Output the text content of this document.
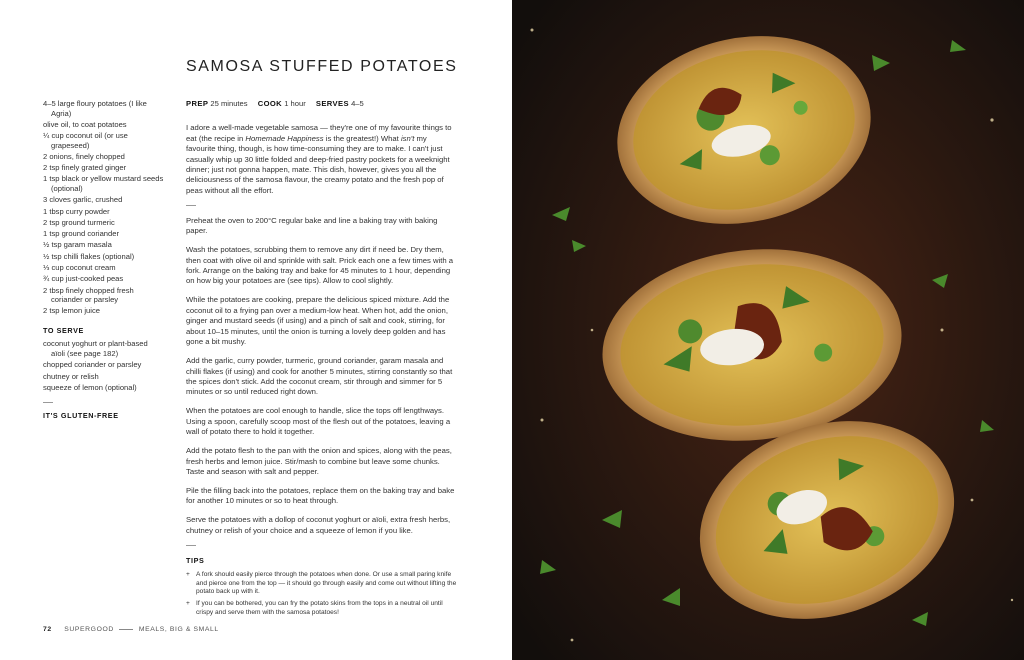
SAMOSA STUFFED POTATOES
4–5 large floury potatoes (I like
Agria)
olive oil, to coat potatoes
¼ cup coconut oil (or use
grapeseed)
2 onions, finely chopped
2 tsp finely grated ginger
1 tsp black or yellow mustard seeds
(optional)
3 cloves garlic, crushed
1 tbsp curry powder
2 tsp ground turmeric
1 tsp ground coriander
½ tsp garam masala
½ tsp chilli flakes (optional)
⅓ cup coconut cream
¾ cup just-cooked peas
2 tbsp finely chopped fresh
coriander or parsley
2 tsp lemon juice
TO SERVE
coconut yoghurt or plant-based
aïoli (see page 182)
chopped coriander or parsley
chutney or relish
squeeze of lemon (optional)
IT'S GLUTEN-FREE
PREP 25 minutes COOK 1 hour SERVES 4–5

I adore a well-made vegetable samosa — they're one of my favourite things to eat (the recipe in Homemade Happiness is the greatest!) What isn't my favourite thing, though, is how time-consuming they are to make. I can't just casually whip up 30 little folded and deep-fried pastry pockets for a weeknight dinner; just not gonna happen, mate. This dish, however, gives you all the deliciousness of the samosa flavour, the creamy potato and the fresh pop of peas without all the effort.

Preheat the oven to 200°C regular bake and line a baking tray with baking paper.

Wash the potatoes, scrubbing them to remove any dirt if need be. Dry them, then coat with olive oil and sprinkle with salt. Prick each one a few times with a fork. Arrange on the baking tray and bake for 45 minutes to 1 hour, depending on how big your potatoes are (see tips). Allow to cool slightly.

While the potatoes are cooking, prepare the delicious spiced mixture. Add the coconut oil to a frying pan over a medium-low heat. When hot, add the onion, ginger and mustard seeds (if using) and a pinch of salt and cook, stirring, for about 10–15 minutes, until the onion is turning a lovely deep golden and has gone a bit mushy.

Add the garlic, curry powder, turmeric, ground coriander, garam masala and chilli flakes (if using) and cook for another 5 minutes, stirring constantly so that the spices don't stick. Add the coconut cream, stir through and simmer for 5 minutes or so until reduced right down.

When the potatoes are cool enough to handle, slice the tops off lengthways. Using a spoon, carefully scoop most of the flesh out of the potatoes, leaving a wall of potato there to hold it together.

Add the potato flesh to the pan with the onion and spices, along with the peas, fresh herbs and lemon juice. Stir/mash to combine but leave some chunks. Taste and season with salt and pepper.

Pile the filling back into the potatoes, replace them on the baking tray and bake for another 10 minutes or so to heat through.

Serve the potatoes with a dollop of coconut yoghurt or aïoli, extra fresh herbs, chutney or relish of your choice and a squeeze of lemon if you like.

TIPS
+ A fork should easily pierce through the potatoes when done. Or use a small paring knife and pierce one from the top — it should go through easily and come out without lifting the potato back up with it.
+ If you can be bothered, you can fry the potato skins from the tops in a neutral oil until crispy and serve them with the samosa potatoes!
72 SUPERGOOD	MEALS, BIG & SMALL
